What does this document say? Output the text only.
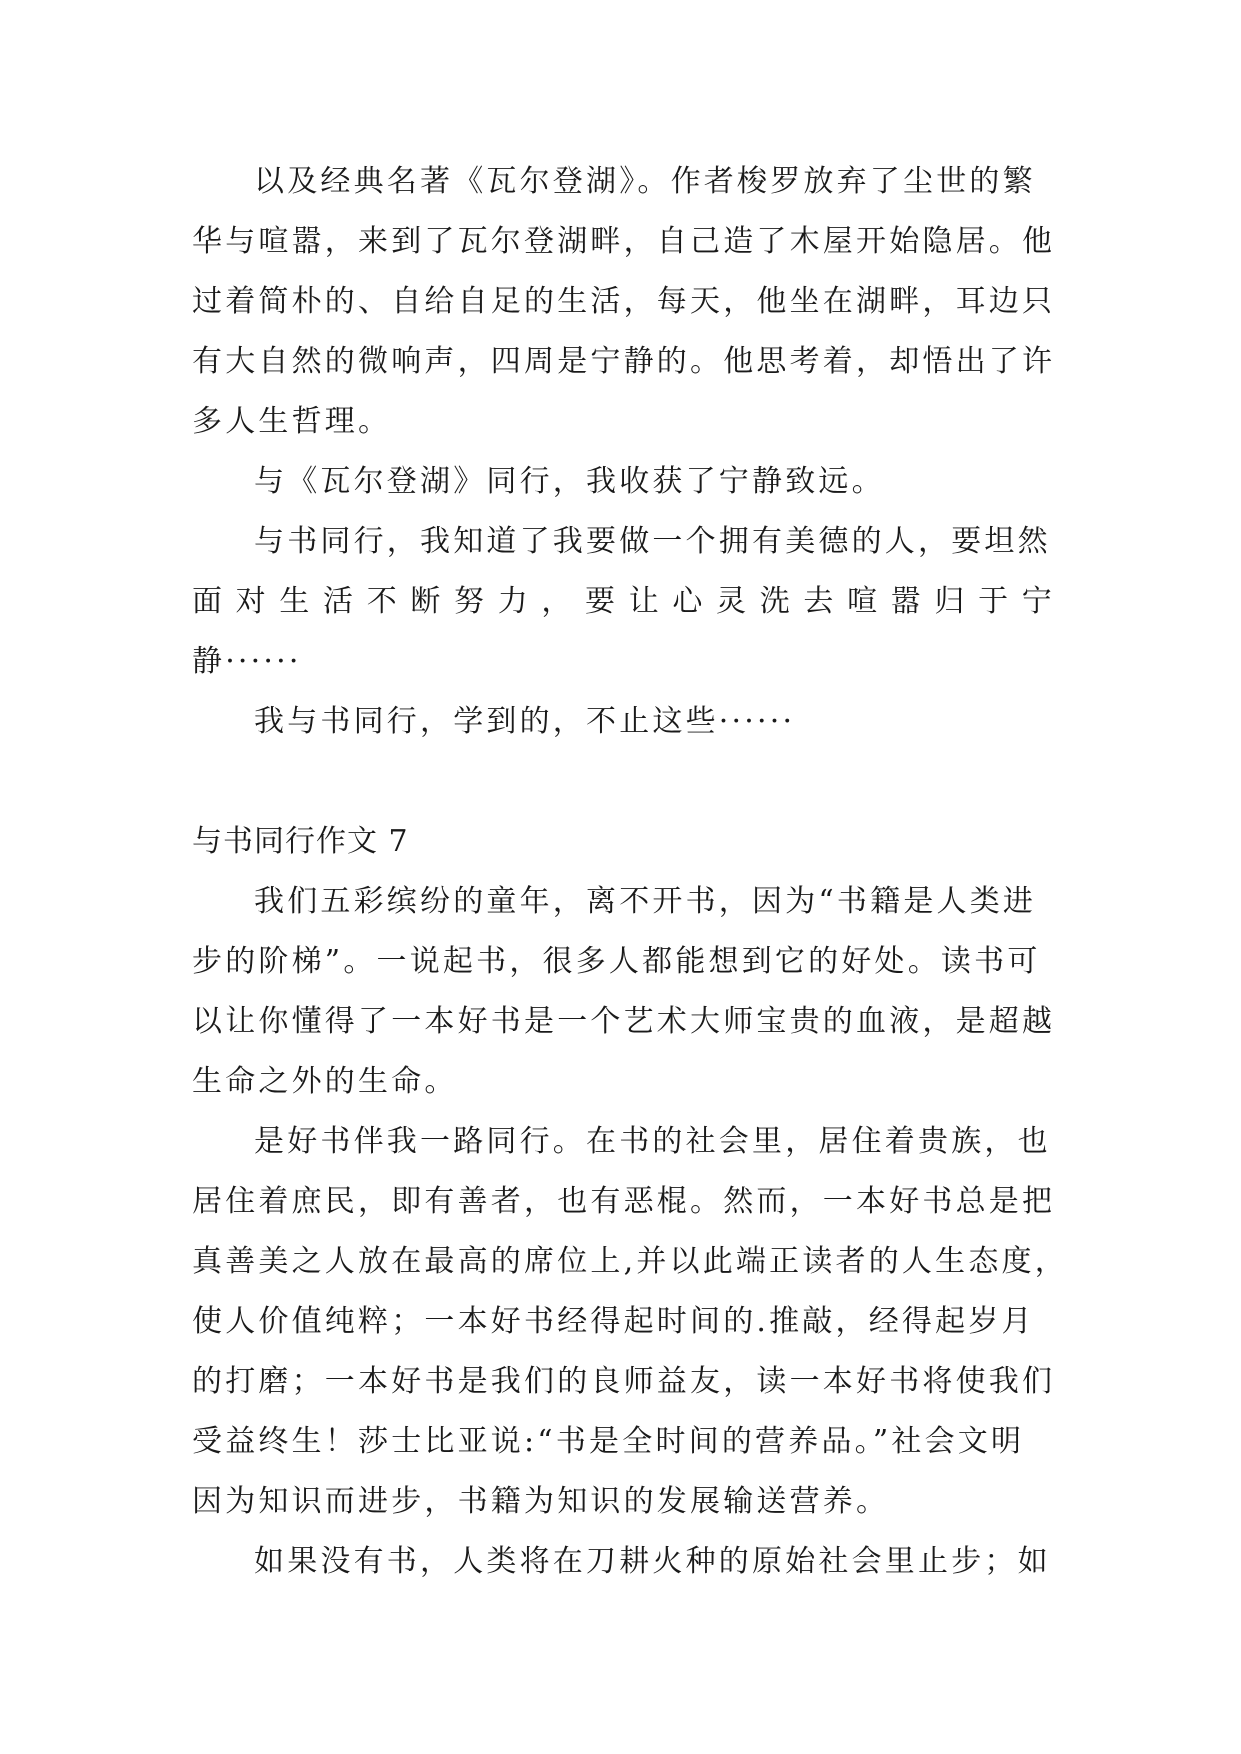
以及经典名著《瓦尔登湖》。作者梭罗放弃了尘世的繁
华与喧嚣，来到了瓦尔登湖畔，自己造了木屋开始隐居。他
过着简朴的、自给自足的生活，每天，他坐在湖畔，耳边只
有大自然的微响声，四周是宁静的。他思考着，却悟出了许
多人生哲理。
与《瓦尔登湖》同行，我收获了宁静致远。
与书同行，我知道了我要做一个拥有美德的人，要坦然
面 对 生 活 不 断 努 力 ， 要 让 心 灵 洗 去 喧 嚣 归 于 宁
静······
我与书同行，学到的，不止这些······
与书同行作文 7
我们五彩缤纷的童年，离不开书，因为“书籍是人类进
步的阶梯”。一说起书，很多人都能想到它的好处。读书可
以让你懂得了一本好书是一个艺术大师宝贵的血液，是超越
生命之外的生命。
是好书伴我一路同行。在书的社会里，居住着贵族，也
居住着庶民，即有善者，也有恶棍。然而，一本好书总是把
真善美之人放在最高的席位上,并以此端正读者的人生态度，
使人价值纯粹；一本好书经得起时间的.推敲，经得起岁月
的打磨；一本好书是我们的良师益友，读一本好书将使我们
受益终生！莎士比亚说:“书是全时间的营养品。”社会文明
因为知识而进步，书籍为知识的发展输送营养。
如果没有书，人类将在刀耕火种的原始社会里止步；如
